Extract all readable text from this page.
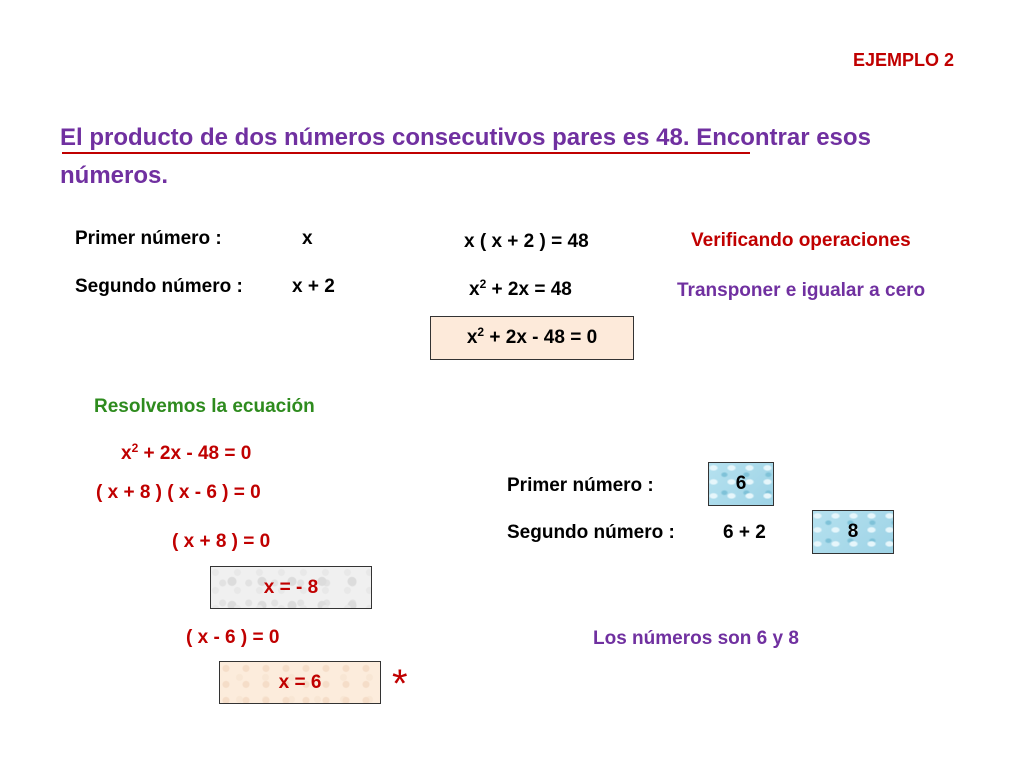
EJEMPLO 2
El producto de dos números consecutivos pares es 48. Encontrar esos
números.
Primer número :	x
Segundo número :	x + 2
x ( x + 2 ) = 48
$x^2 + 2x = 48$
$x^2 + 2x - 48 = 0$
Verificando operaciones
Transponer e igualar a cero
Resolvemos la ecuación
$x^2 + 2x - 48 = 0$
( x + 8 ) ( x - 6 ) = 0
( x + 8 ) = 0
x = - 8
( x - 6 ) = 0
x = 6 *
Primer número :	6
Segundo número :	6 + 2	8
Los números son 6 y 8
